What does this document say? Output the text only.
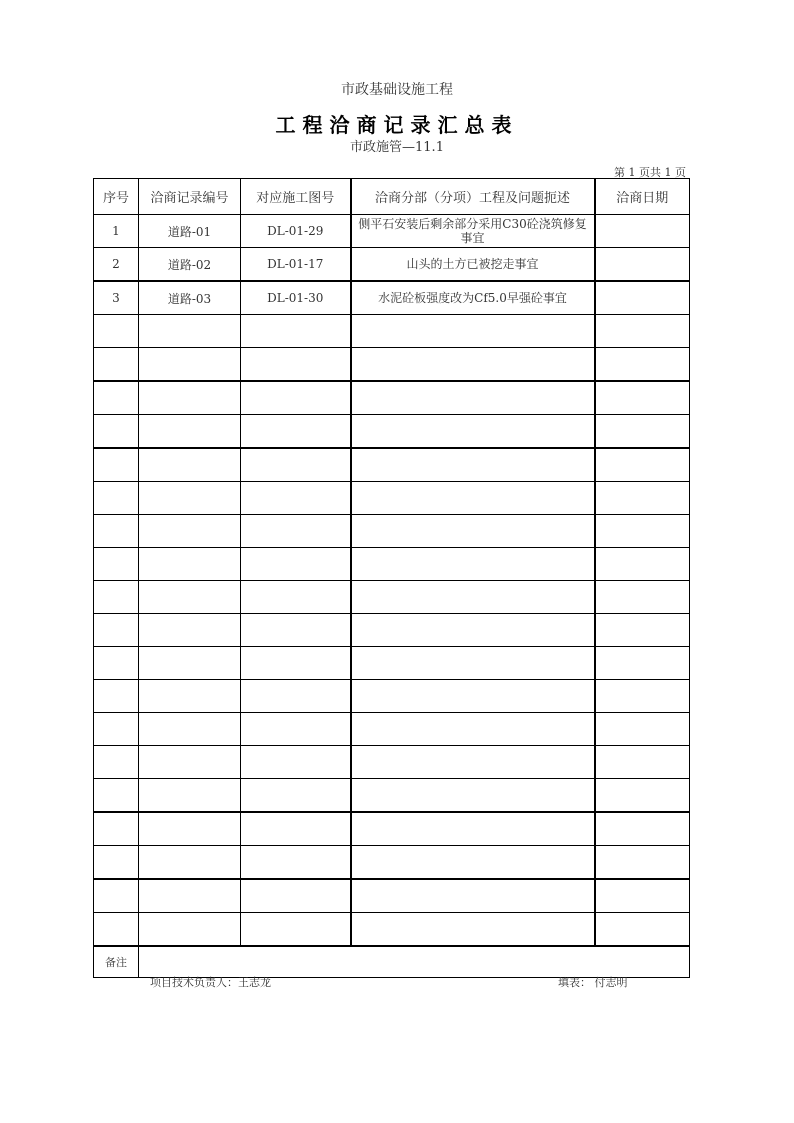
市政基础设施工程
工程洽商记录汇总表
市政施管—11.1
第 1 页共 1 页
序号	洽商记录编号	对应施工图号	洽商分部（分项）工程及问题扼述	洽商日期
1	道路-01	DL-01-29	侧平石安装后剩余部分采用C30砼浇筑修复事宜	
2	道路-02	DL-01-17	山头的土方已被挖走事宜	
3	道路-03	DL-01-30	水泥砼板强度改为Cf5.0早强砼事宜	

备注				
项目技术负责人：王志龙	填表： 付志明
